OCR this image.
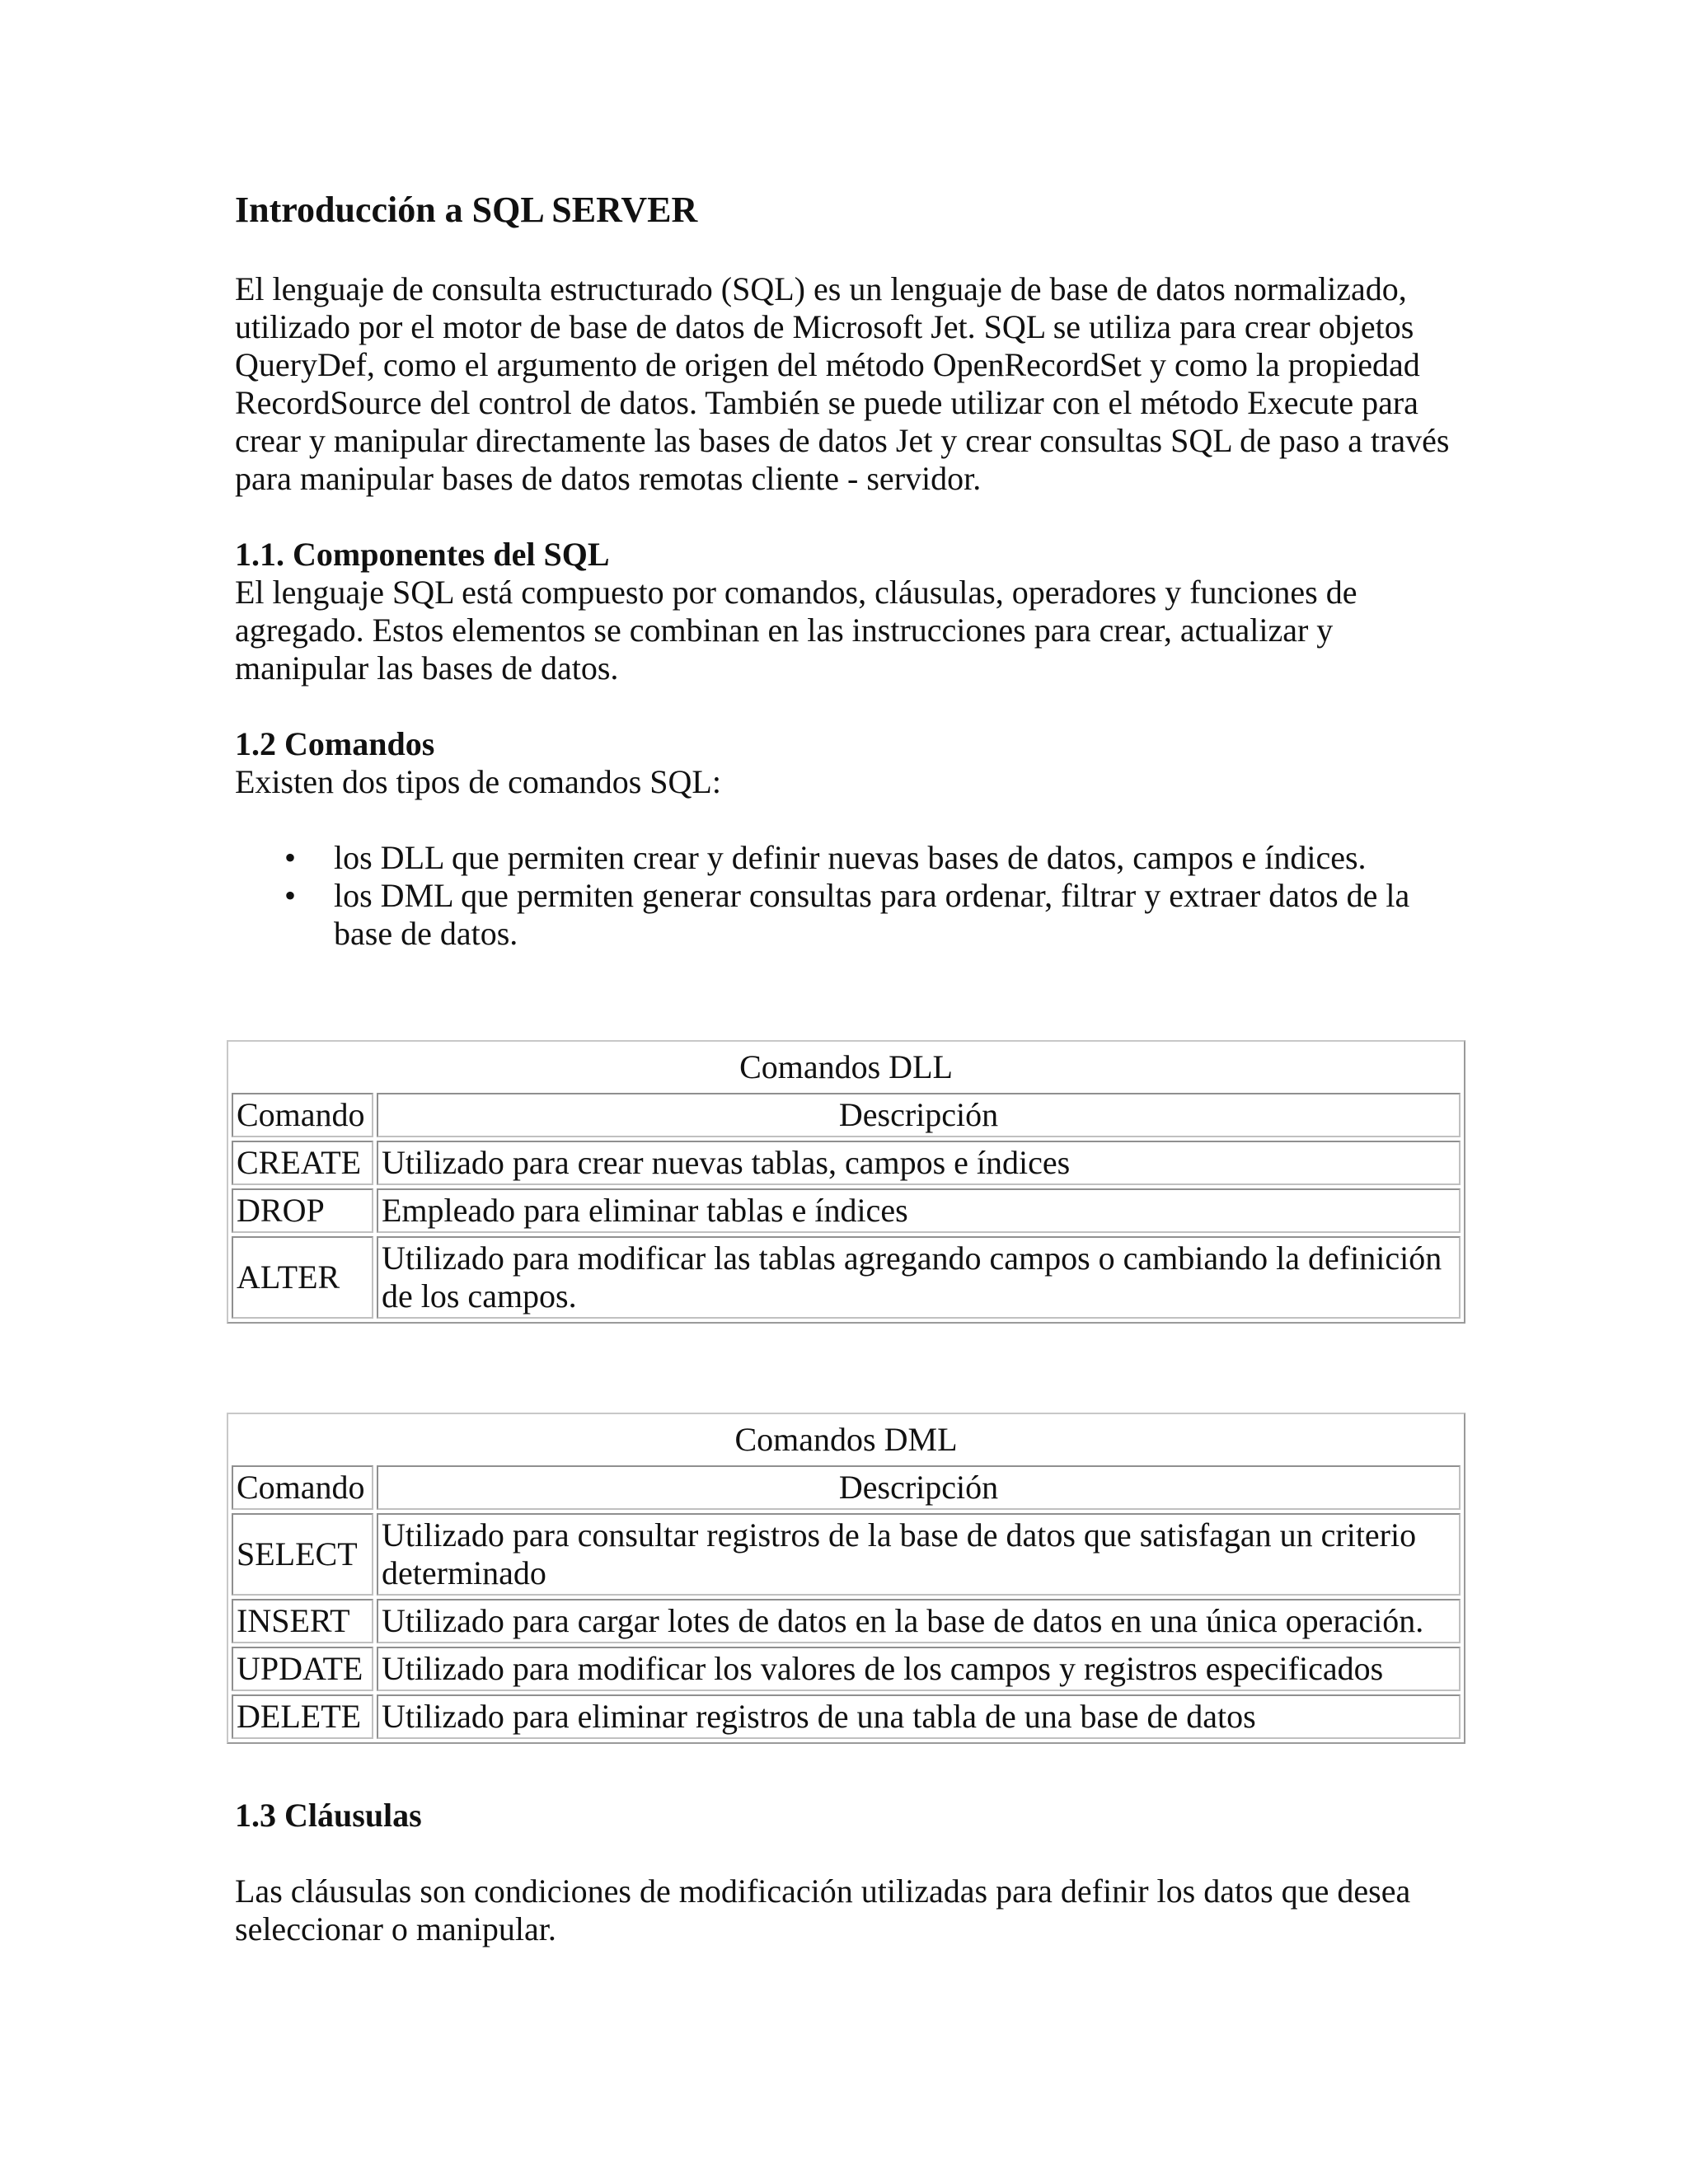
Introducción a SQL SERVER

El lenguaje de consulta estructurado (SQL) es un lenguaje de base de datos normalizado, utilizado por el motor de base de datos de Microsoft Jet. SQL se utiliza para crear objetos QueryDef, como el argumento de origen del método OpenRecordSet y como la propiedad RecordSource del control de datos. También se puede utilizar con el método Execute para crear y manipular directamente las bases de datos Jet y crear consultas SQL de paso a través para manipular bases de datos remotas cliente - servidor.

1.1. Componentes del SQL

El lenguaje SQL está compuesto por comandos, cláusulas, operadores y funciones de agregado. Estos elementos se combinan en las instrucciones para crear, actualizar y manipular las bases de datos.

1.2 Comandos

Existen dos tipos de comandos SQL:

• los DLL que permiten crear y definir nuevas bases de datos, campos e índices.
• los DML que permiten generar consultas para ordenar, filtrar y extraer datos de la base de datos.
Comandos DLL	
Comando	Descripción
CREATE	Utilizado para crear nuevas tablas, campos e índices
DROP	Empleado para eliminar tablas e índices
ALTER	Utilizado para modificar las tablas agregando campos o cambiando la definición de los campos.
Comandos DML	
Comando	Descripción
SELECT	Utilizado para consultar registros de la base de datos que satisfagan un criterio determinado
INSERT	Utilizado para cargar lotes de datos en la base de datos en una única operación.
UPDATE	Utilizado para modificar los valores de los campos y registros especificados
DELETE	Utilizado para eliminar registros de una tabla de una base de datos

1.3 Cláusulas

Las cláusulas son condiciones de modificación utilizadas para definir los datos que desea seleccionar o manipular.
